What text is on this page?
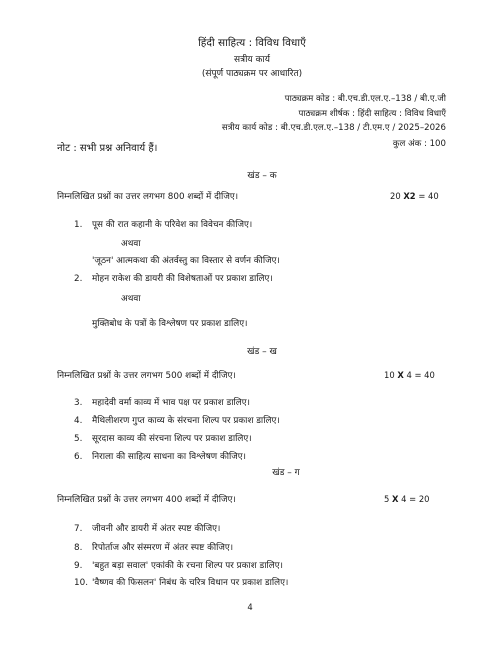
हिंदी साहित्य : विविध विधाएँ
सत्रीय कार्य
(संपूर्ण पाठ्यक्रम पर आधारित)
पाठ्यक्रम कोड : बी.एच.डी.एल.ए.–138 / बी.ए.जी
पाठ्यक्रम शीर्षक : हिंदी साहित्य : विविध विधाएँ
सत्रीय कार्य कोड : बी.एच.डी.एल.ए.–138 / टी.एम.ए / 2025–2026
कुल अंक : 100
नोट : सभी प्रश्न अनिवार्य हैं।
खंड – क
निम्नलिखित प्रश्नों का उत्तर लगभग 800 शब्दों में दीजिए।	20 X2 = 40
1. पूस की रात कहानी के परिवेश का विवेचन कीजिए।
अथवा
'जूठन' आत्मकथा की अंतर्वस्तु का विस्तार से वर्णन कीजिए।
2. मोहन राकेश की डायरी की विशेषताओं पर प्रकाश डालिए।
अथवा
मुक्तिबोध के पत्रों के विश्लेषण पर प्रकाश डालिए।
खंड – ख
निम्नलिखित प्रश्नों के उत्तर लगभग 500 शब्दों में दीजिए।	10 X 4 = 40
3. महादेवी वर्मा काव्य में भाव पक्ष पर प्रकाश डालिए।
4. मैथिलीशरण गुप्त काव्य के संरचना शिल्प पर प्रकाश डालिए।
5. सूरदास काव्य की संरचना शिल्प पर प्रकाश डालिए।
6. निराला की साहित्य साधना का विश्लेषण कीजिए।
खंड – ग
निम्नलिखित प्रश्नों के उत्तर लगभग 400 शब्दों में दीजिए।	5 X 4 = 20
7. जीवनी और डायरी में अंतर स्पष्ट कीजिए।
8. रिपोर्ताज और संस्मरण में अंतर स्पष्ट कीजिए।
9. 'बहुत बड़ा सवाल' एकांकी के रचना शिल्प पर प्रकाश डालिए।
10. 'वैष्णव की फिसलन' निबंध के चरित्र विधान पर प्रकाश डालिए।
4
